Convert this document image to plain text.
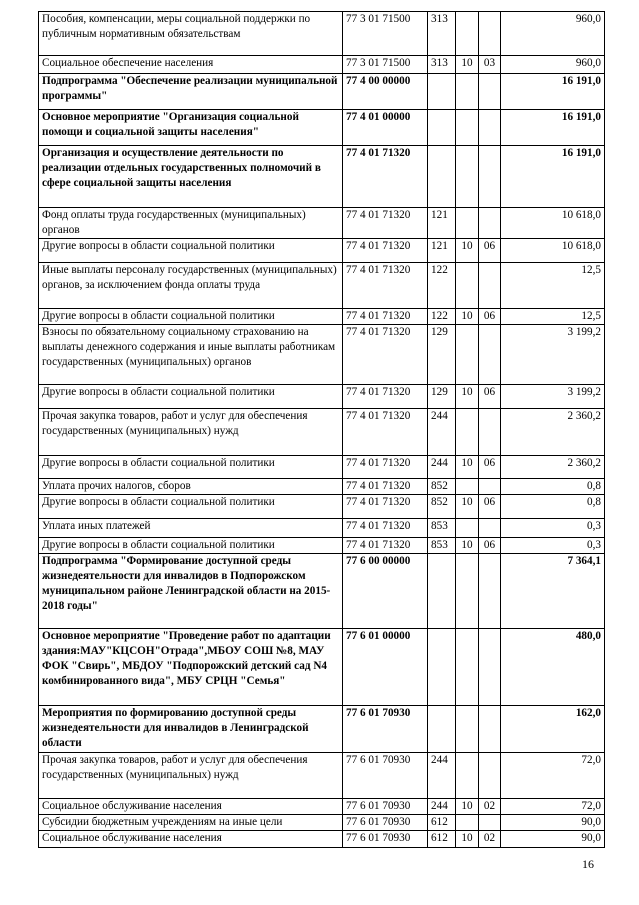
Пособия, компенсации, меры социальной поддержки по публичным нормативным обязательствам	77 3 01 71500	313			960,0
Социальное обеспечение населения	77 3 01 71500	313	10	03	960,0
Подпрограмма "Обеспечение реализации муниципальной программы"	77 4 00 00000				16 191,0
Основное мероприятие "Организация социальной помощи и социальной защиты населения"	77 4 01 00000				16 191,0
Организация и осуществление деятельности по реализации отдельных государственных полномочий в сфере социальной защиты населения	77 4 01 71320				16 191,0
Фонд оплаты труда государственных (муниципальных) органов	77 4 01 71320	121			10 618,0
Другие вопросы в области социальной политики	77 4 01 71320	121	10	06	10 618,0
Иные выплаты персоналу государственных (муниципальных) органов, за исключением фонда оплаты труда	77 4 01 71320	122			12,5
Другие вопросы в области социальной политики	77 4 01 71320	122	10	06	12,5
Взносы по обязательному социальному страхованию на выплаты денежного содержания и иные выплаты работникам государственных (муниципальных) органов	77 4 01 71320	129			3 199,2
Другие вопросы в области социальной политики	77 4 01 71320	129	10	06	3 199,2
Прочая закупка товаров, работ и услуг для обеспечения государственных (муниципальных) нужд	77 4 01 71320	244			2 360,2
Другие вопросы в области социальной политики	77 4 01 71320	244	10	06	2 360,2
Уплата прочих налогов, сборов	77 4 01 71320	852			0,8
Другие вопросы в области социальной политики	77 4 01 71320	852	10	06	0,8
Уплата иных платежей	77 4 01 71320	853			0,3
Другие вопросы в области социальной политики	77 4 01 71320	853	10	06	0,3
Подпрограмма "Формирование доступной среды жизнедеятельности для инвалидов в Подпорожском муниципальном районе Ленинградской области на 2015-2018 годы"	77 6 00 00000				7 364,1
Основное мероприятие "Проведение работ по адаптации здания:МАУ"КЦСОН"Отрада",МБОУ СОШ №8, МАУ ФОК "Свирь", МБДОУ "Подпорожский детский сад N4 комбинированного вида", МБУ СРЦН "Семья"	77 6 01 00000				480,0
Мероприятия по формированию доступной среды жизнедеятельности для инвалидов в Ленинградской области	77 6 01 70930				162,0
Прочая закупка товаров, работ и услуг для обеспечения государственных (муниципальных) нужд	77 6 01 70930	244			72,0
Социальное обслуживание населения	77 6 01 70930	244	10	02	72,0
Субсидии бюджетным учреждениям на иные цели	77 6 01 70930	612			90,0
Социальное обслуживание населения	77 6 01 70930	612	10	02	90,0
16
